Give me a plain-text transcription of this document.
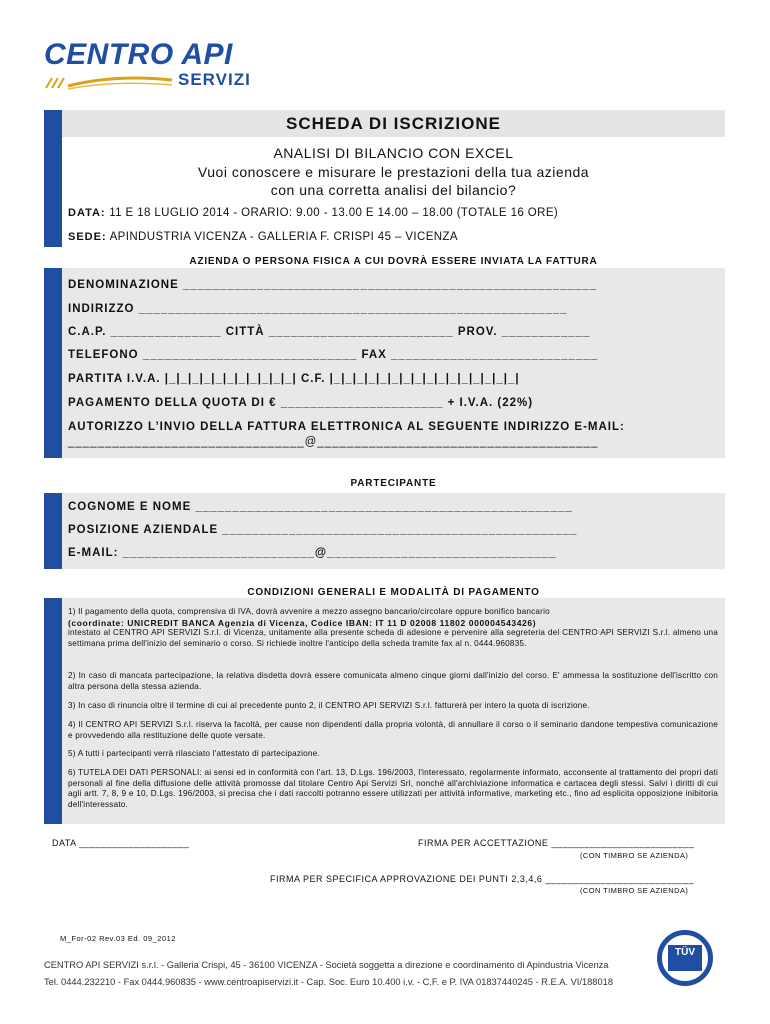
CENTRO API
SERVIZI
SCHEDA DI ISCRIZIONE
ANALISI DI BILANCIO CON EXCEL
Vuoi conoscere e misurare le prestazioni della tua azienda
con una corretta analisi del bilancio?
DATA: 11 E 18 LUGLIO 2014 - ORARIO: 9.00 - 13.00 E 14.00 – 18.00 (TOTALE 16 ORE)
SEDE: APINDUSTRIA VICENZA - GALLERIA F. CRISPI 45 – VICENZA
AZIENDA O PERSONA FISICA A CUI DOVRÀ ESSERE INVIATA LA FATTURA
DENOMINAZIONE ________________________________________________________
INDIRIZZO __________________________________________________________
C.A.P. _______________ CITTÀ _________________________ PROV. ____________
TELEFONO _____________________________ FAX ____________________________
PARTITA I.V.A. |_|_|_|_|_|_|_|_|_|_|_| C.F. |_|_|_|_|_|_|_|_|_|_|_|_|_|_|_|_|
PAGAMENTO DELLA QUOTA DI € ______________________ + I.V.A. (22%)
AUTORIZZO L’INVIO DELLA FATTURA ELETTRONICA AL SEGUENTE INDIRIZZO E-MAIL:
________________________________@______________________________________
PARTECIPANTE
COGNOME E NOME ___________________________________________________
POSIZIONE AZIENDALE ________________________________________________
E-MAIL: __________________________@_______________________________
CONDIZIONI GENERALI E MODALITÀ DI PAGAMENTO
1) Il pagamento della quota, comprensiva di IVA, dovrà avvenire a mezzo assegno bancario/circolare oppure bonifico bancario
(coordinate: UNICREDIT BANCA Agenzia di Vicenza, Codice IBAN: IT 11 D 02008 11802 000004543426)
intestato al CENTRO API SERVIZI S.r.l. di Vicenza, unitamente alla presente scheda di adesione e pervenire alla segreteria del CENTRO API SERVIZI S.r.l. almeno una settimana prima dell'inizio del seminario o corso. Si richiede inoltre l'anticipo della scheda tramite fax al n. 0444.960835.
2) In caso di mancata partecipazione, la relativa disdetta dovrà essere comunicata almeno cinque giorni dall'inizio del corso. E' ammessa la sostituzione dell'iscritto con altra persona della stessa azienda.
3) In caso di rinuncia oltre il termine di cui al precedente punto 2, il CENTRO API SERVIZI S.r.l. fatturerà per intero la quota di iscrizione.
4) Il CENTRO API SERVIZI S.r.l. riserva la facoltà, per cause non dipendenti dalla propria volontà, di annullare il corso o il seminario dandone tempestiva comunicazione e provvedendo alla restituzione delle quote versate.
5) A tutti i partecipanti verrà rilasciato l'attestato di partecipazione.
6) TUTELA DEI DATI PERSONALI: ai sensi ed in conformità con l'art. 13, D.Lgs. 196/2003, l'interessato, regolarmente informato, acconsente al trattamento dei propri dati personali al fine della diffusione delle attività promosse dal titolare Centro Api Servizi Srl, nonché all'archiviazione informatica e cartacea degli stessi. Salvi i diritti di cui agli artt. 7, 8, 9 e 10, D.Lgs. 196/2003, si precisa che i dati raccolti potranno essere utilizzati per attività informative, marketing etc., fino ad esplicita opposizione inibitoria dell'interessato.
DATA ____________________	FIRMA PER ACCETTAZIONE __________________________
(CON TIMBRO SE AZIENDA)
FIRMA PER SPECIFICA APPROVAZIONE DEI PUNTI 2,3,4,6 ___________________________
(CON TIMBRO SE AZIENDA)
M_For-02 Rev.03 Ed. 09_2012
CENTRO API SERVIZI s.r.l. - Galleria Crispi, 45 - 36100 VICENZA - Società soggetta a direzione e coordinamento di Apindustria Vicenza
Tel. 0444.232210 - Fax 0444.960835 - www.centroapiservizi.it - Cap. Soc. Euro 10.400 i.v. - C.F. e P. IVA 01837440245 - R.E.A. VI/188018
TÜV
SÜD
